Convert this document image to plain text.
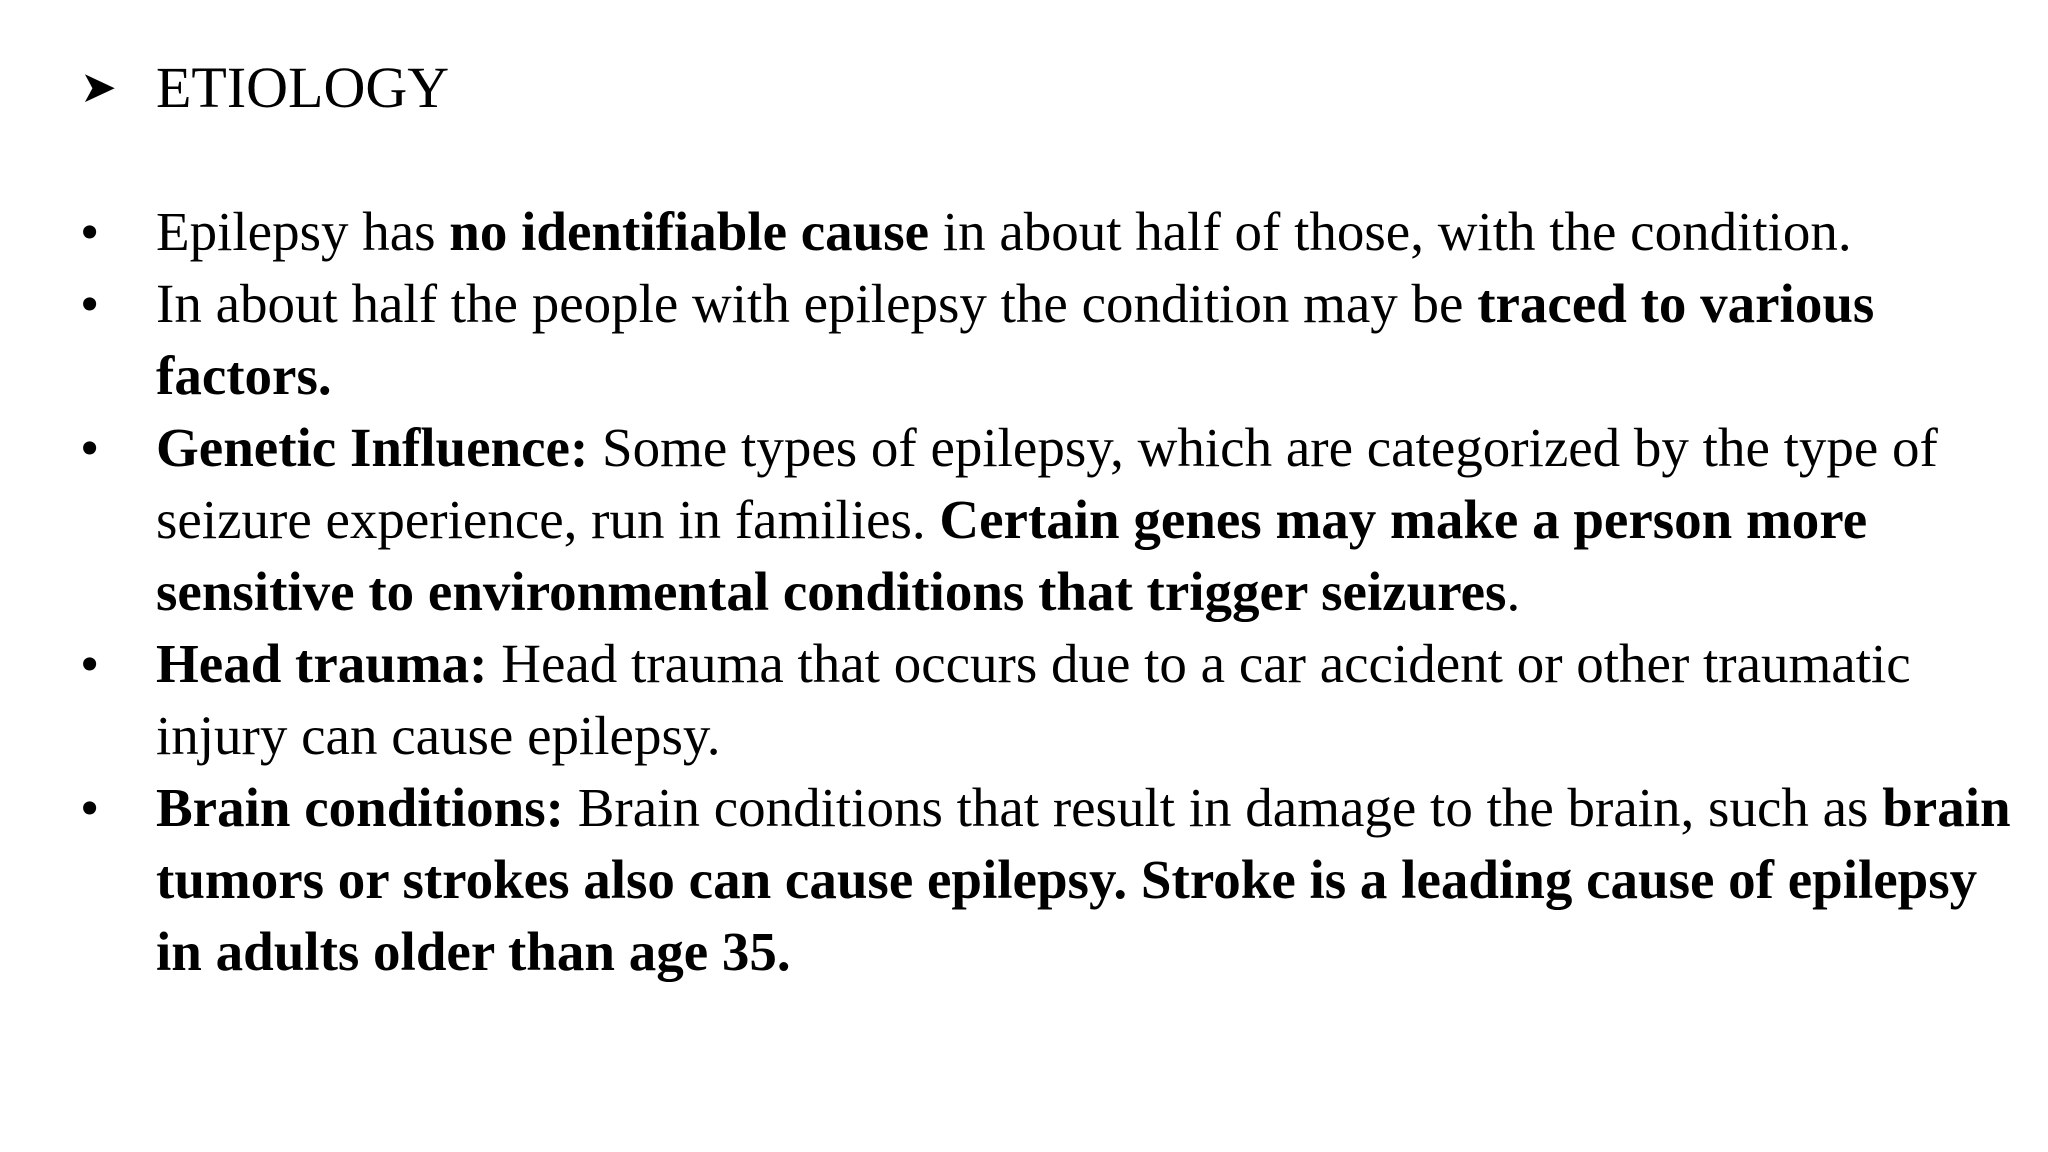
➤ ETIOLOGY
•	Epilepsy has no identifiable cause in about half of those, with the condition.
•	In about half the people with epilepsy the condition may be traced to various factors.
•	Genetic Influence: Some types of epilepsy, which are categorized by the type of seizure experience, run in families. Certain genes may make a person more sensitive to environmental conditions that trigger seizures.
•	Head trauma: Head trauma that occurs due to a car accident or other traumatic injury can cause epilepsy.
•	Brain conditions: Brain conditions that result in damage to the brain, such as brain tumors or strokes also can cause epilepsy. Stroke is a leading cause of epilepsy in adults older than age 35.
